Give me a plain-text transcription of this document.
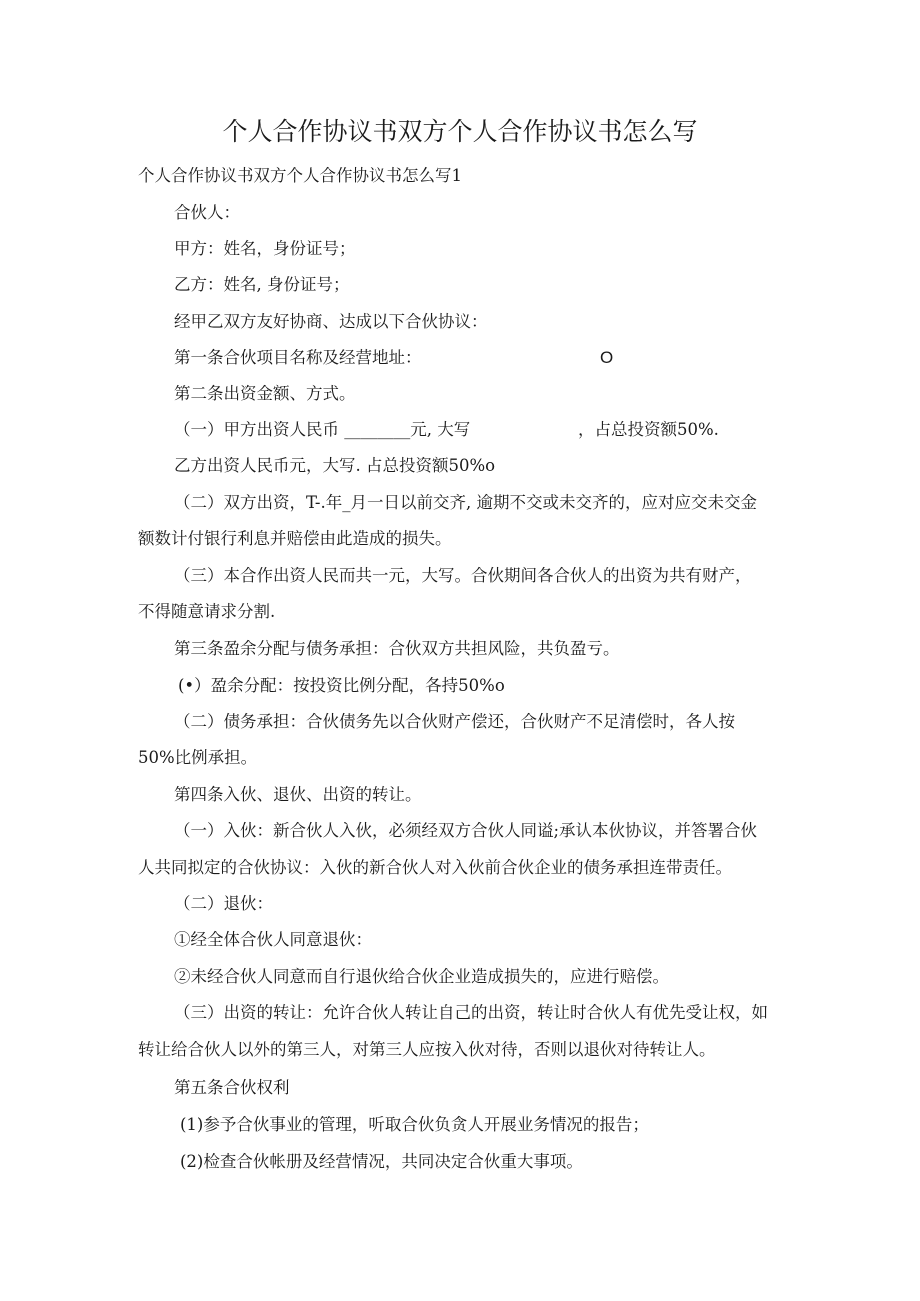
个人合作协议书双方个人合作协议书怎么写
个人合作协议书双方个人合作协议书怎么写1
合伙人：
甲方：姓名，身份证号；
乙方：姓名, 身份证号；
经甲乙双方友好协商、达成以下合伙协议：
第一条合伙项目名称及经营地址：	O
第二条出资金额、方式。
（一）甲方出资人民币 ________元, 大写	，占总投资额50%.
乙方出资人民币元，大写. 占总投资额50%o
（二）双方出资，T-.年_月一日以前交齐, 逾期不交或未交齐的，应对应交未交金
额数计付银行利息并赔偿由此造成的损失。
（三）本合作出资人民而共一元，大写。合伙期间各合伙人的出资为共有财产，
不得随意请求分割.
第三条盈余分配与债务承担：合伙双方共担风险，共负盈亏。
(•）盈余分配：按投资比例分配，各持50%o
（二）债务承担：合伙债务先以合伙财产偿还，合伙财产不足清偿时，各人按
50%比例承担。
第四条入伙、退伙、出资的转让。
（一）入伙：新合伙人入伙，必须经双方合伙人同谥;承认本伙协议，并答署合伙
人共同拟定的合伙协议：入伙的新合伙人对入伙前合伙企业的债务承担连带责任。
（二）退伙：
①经全体合伙人同意退伙：
②未经合伙人同意而自行退伙给合伙企业造成损失的，应进行赔偿。
（三）出资的转让：允许合伙人转让自己的出资，转让时合伙人有优先受让权，如
转让给合伙人以外的第三人，对第三人应按入伙对待，否则以退伙对待转让人。
第五条合伙权利
(1)参予合伙事业的管理，听取合伙负贪人开展业务情况的报告；
(2)检查合伙帐册及经营情况，共同决定合伙重大事项。
